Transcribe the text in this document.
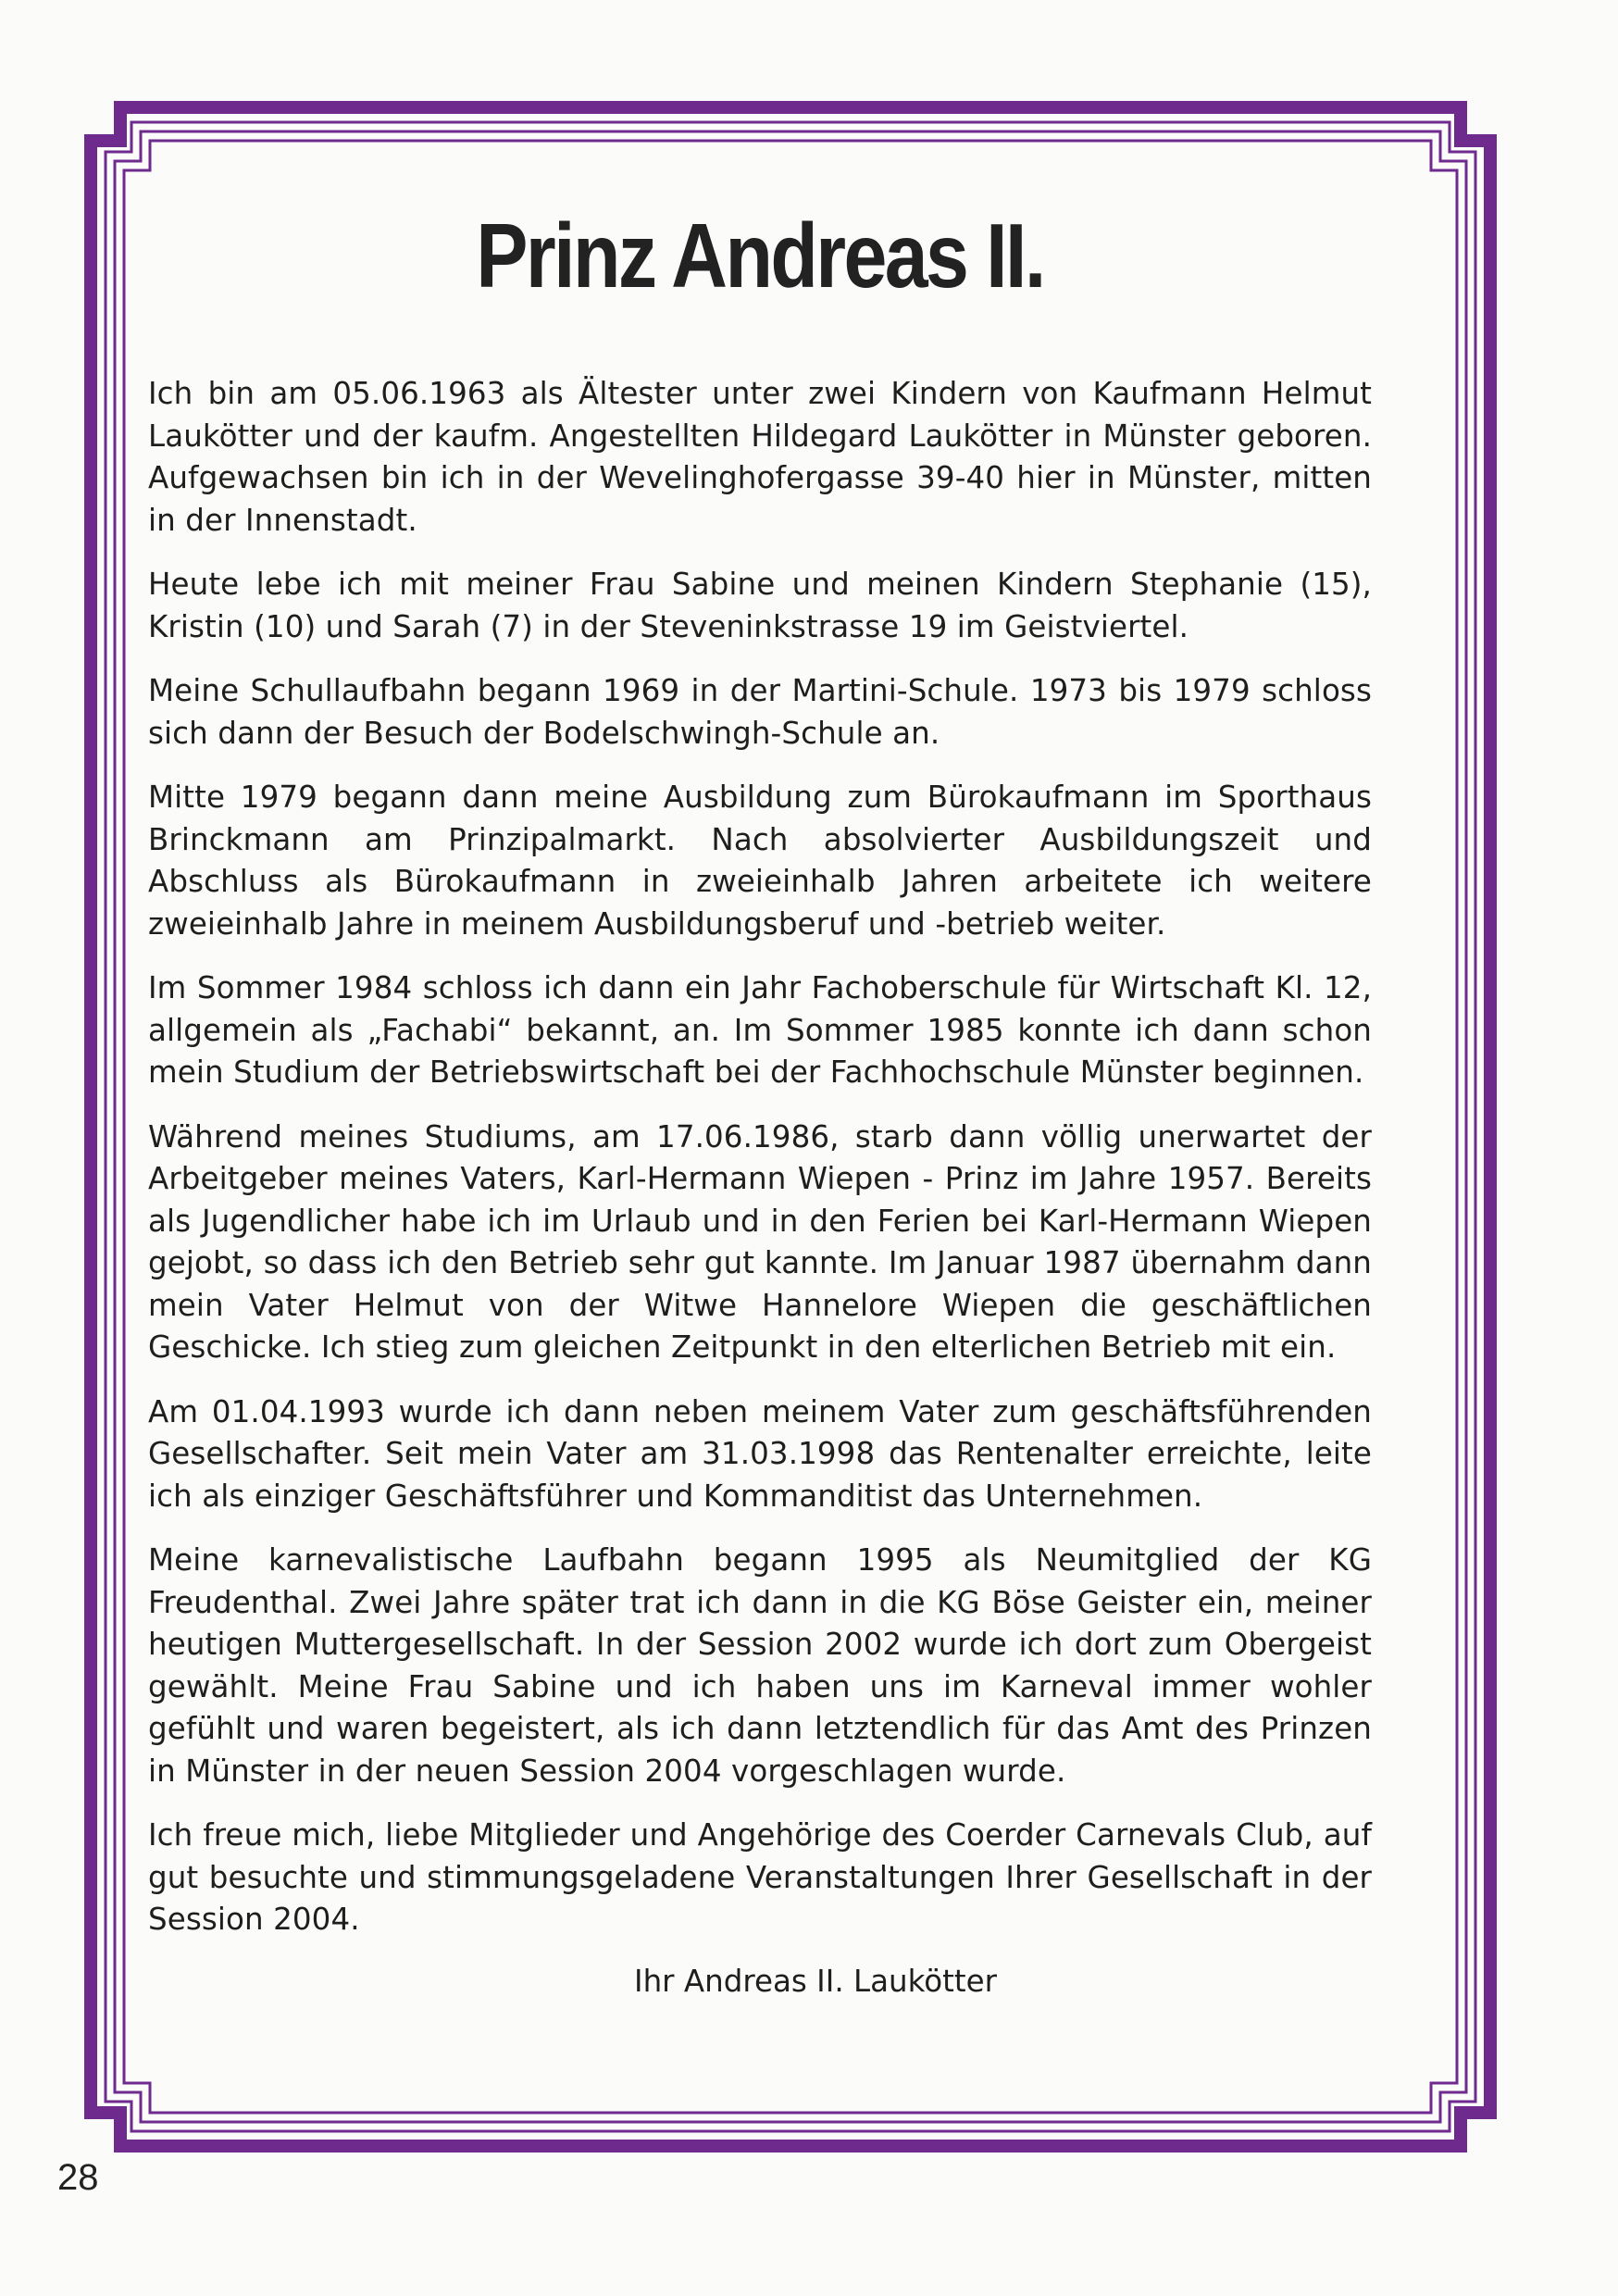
Prinz Andreas II.

Ich bin am 05.06.1963 als Ältester unter zwei Kindern von Kaufmann Helmut Laukötter und der kaufm. Angestellten Hildegard Laukötter in Münster geboren. Aufgewachsen bin ich in der Wevelinghofergasse 39-40 hier in Münster, mitten in der Innenstadt.

Heute lebe ich mit meiner Frau Sabine und meinen Kindern Stephanie (15), Kristin (10) und Sarah (7) in der Steveninkstrasse 19 im Geistviertel.

Meine Schullaufbahn begann 1969 in der Martini-Schule. 1973 bis 1979 schloss sich dann der Besuch der Bodelschwingh-Schule an.

Mitte 1979 begann dann meine Ausbildung zum Bürokaufmann im Sporthaus Brinckmann am Prinzipalmarkt. Nach absolvierter Ausbildungszeit und Abschluss als Bürokaufmann in zweieinhalb Jahren arbeitete ich weitere zweieinhalb Jahre in meinem Ausbildungsberuf und -betrieb weiter.

Im Sommer 1984 schloss ich dann ein Jahr Fachoberschule für Wirtschaft Kl. 12, allgemein als „Fachabi“ bekannt, an. Im Sommer 1985 konnte ich dann schon mein Studium der Betriebswirtschaft bei der Fachhochschule Münster beginnen.

Während meines Studiums, am 17.06.1986, starb dann völlig unerwartet der Arbeitgeber meines Vaters, Karl-Hermann Wiepen - Prinz im Jahre 1957. Bereits als Jugendlicher habe ich im Urlaub und in den Ferien bei Karl-Hermann Wiepen gejobt, so dass ich den Betrieb sehr gut kannte. Im Januar 1987 übernahm dann mein Vater Helmut von der Witwe Hannelore Wiepen die geschäftlichen Geschicke. Ich stieg zum gleichen Zeitpunkt in den elterlichen Betrieb mit ein.

Am 01.04.1993 wurde ich dann neben meinem Vater zum geschäftsführenden Gesellschafter. Seit mein Vater am 31.03.1998 das Rentenalter erreichte, leite ich als einziger Geschäftsführer und Kommanditist das Unternehmen.

Meine karnevalistische Laufbahn begann 1995 als Neumitglied der KG Freudenthal. Zwei Jahre später trat ich dann in die KG Böse Geister ein, meiner heutigen Muttergesellschaft. In der Session 2002 wurde ich dort zum Obergeist gewählt. Meine Frau Sabine und ich haben uns im Karneval immer wohler gefühlt und waren begeistert, als ich dann letztendlich für das Amt des Prinzen in Münster in der neuen Session 2004 vorgeschlagen wurde.

Ich freue mich, liebe Mitglieder und Angehörige des Coerder Carnevals Club, auf gut besuchte und stimmungsgeladene Veranstaltungen Ihrer Gesellschaft in der Session 2004.

Ihr Andreas II. Laukötter
28
